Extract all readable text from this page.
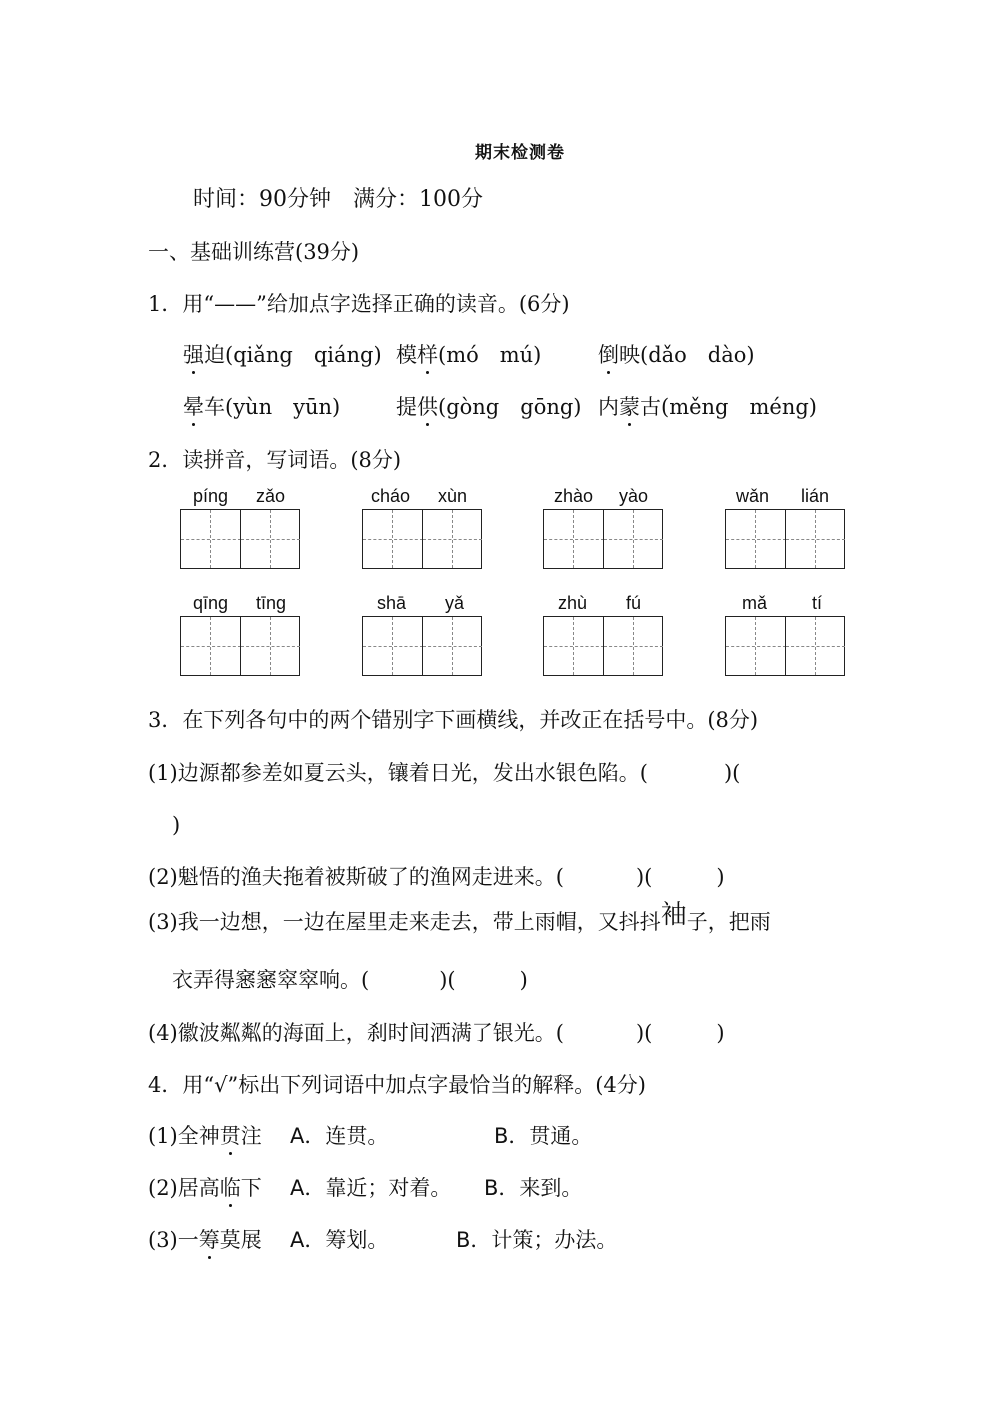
期末检测卷
时间：90分钟　满分：100分
一、基础训练营(39分)
1．用“——”给加点字选择正确的读音。(6分)
强迫(qiǎng　qiáng) 模样(mó　mú)	倒映(dǎo　dào)
晕车(yùn　yūn)	提供(gòng　gōng) 内蒙古(měng　méng)
2．读拼音，写词语。(8分)
píng zǎo	cháo xùn	zhào yào	wǎn lián
qīng tīng	shā yǎ	zhù fú	mǎ tí
3．在下列各句中的两个错别字下画横线，并改正在括号中。(8分)
(1)边源都参差如夏云头，镶着日光，发出水银色陷。(	)(
)
(2)魁悟的渔夫拖着被斯破了的渔网走进来。(	)(	)
(3)我一边想，一边在屋里走来走去，带上雨帽，又抖抖袖子，把雨
衣弄得窸窸窣窣响。(	)(	)
(4)徽波粼粼的海面上，刹时间洒满了银光。(	)(	)
4．用“√”标出下列词语中加点字最恰当的解释。(4分)
(1)全神贯注 A．连贯。	B．贯通。
(2)居高临下 A．靠近；对着。 B．来到。
(3)一筹莫展 A．筹划。	B．计策；办法。
